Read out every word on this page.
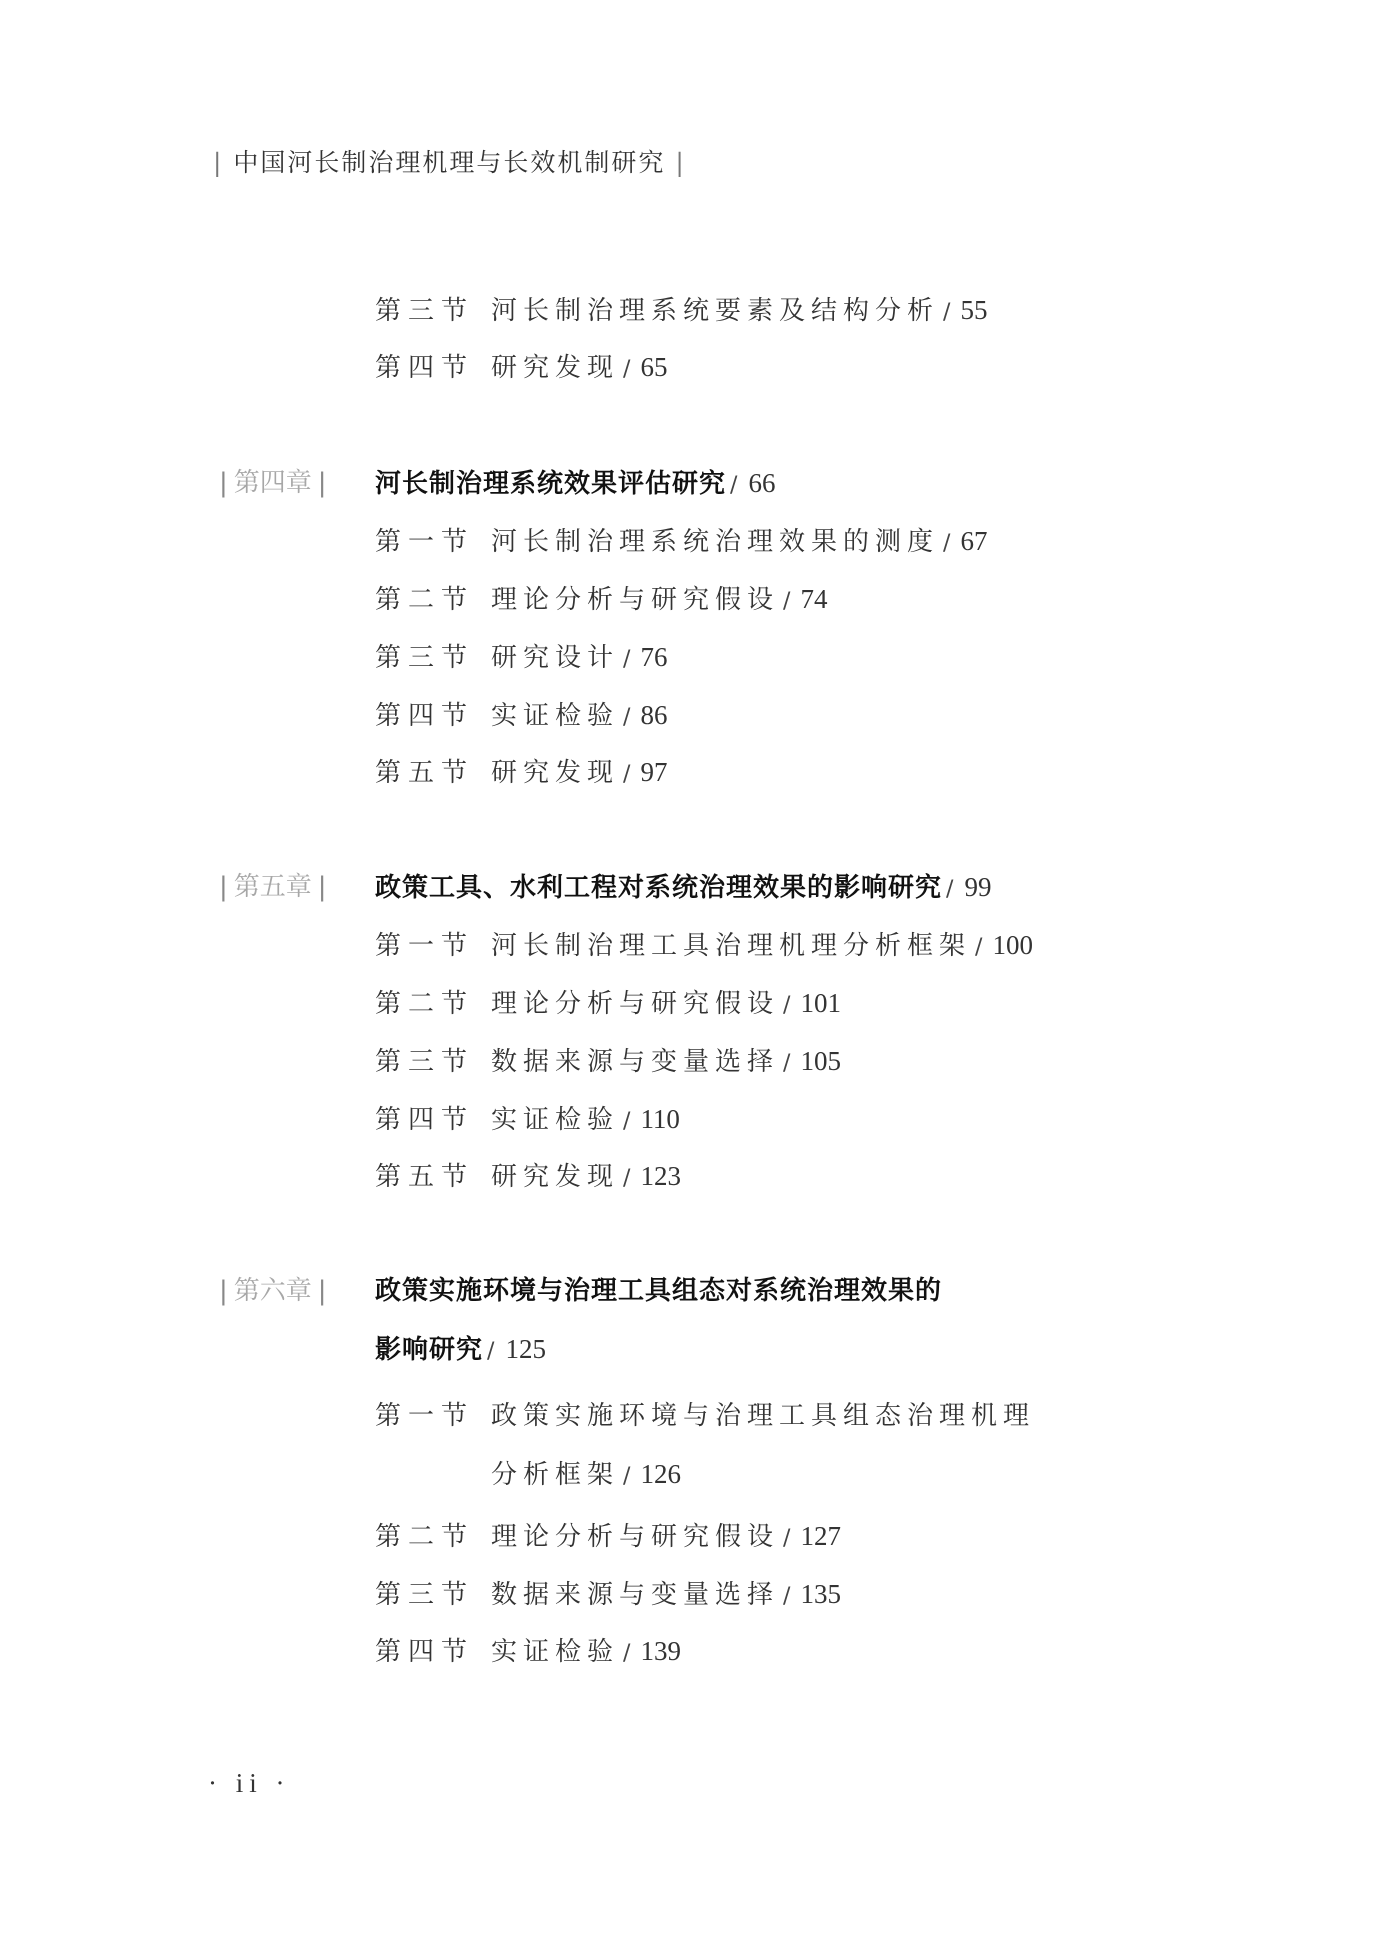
| 中国河长制治理机理与长效机制研究 |
第三节 河长制治理系统要素及结构分析 / 55
第四节 研究发现 / 65
| 第四章 | 河长制治理系统效果评估研究 / 66
第一节 河长制治理系统治理效果的测度 / 67
第二节 理论分析与研究假设 / 74
第三节 研究设计 / 76
第四节 实证检验 / 86
第五节 研究发现 / 97
| 第五章 | 政策工具、水利工程对系统治理效果的影响研究 / 99
第一节 河长制治理工具治理机理分析框架 / 100
第二节 理论分析与研究假设 / 101
第三节 数据来源与变量选择 / 105
第四节 实证检验 / 110
第五节 研究发现 / 123
| 第六章 | 政策实施环境与治理工具组态对系统治理效果的
影响研究 / 125
第一节 政策实施环境与治理工具组态治理机理
分析框架 / 126
第二节 理论分析与研究假设 / 127
第三节 数据来源与变量选择 / 135
第四节 实证检验 / 139
· ii ·
